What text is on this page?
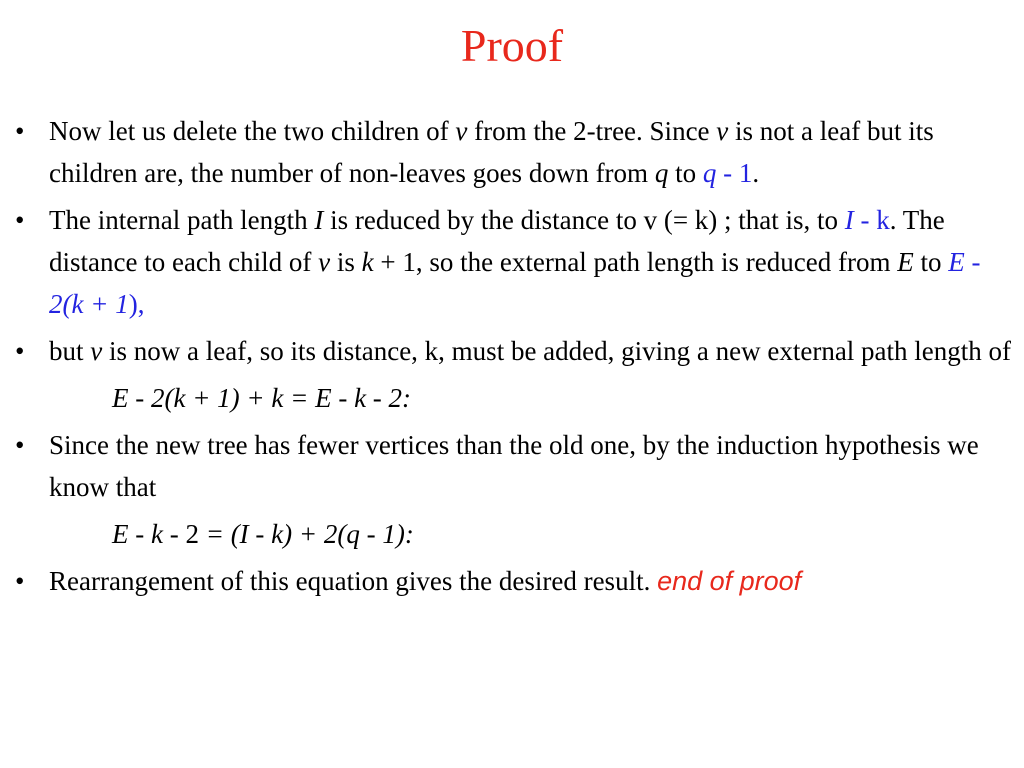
Proof
• Now let us delete the two children of v from the 2-tree. Since v is not a leaf but its children are, the number of non-leaves goes down from q to q - 1.
• The internal path length I is reduced by the distance to v (= k) ; that is, to I - k. The distance to each child of v is k + 1, so the external path length is reduced from E to E - 2(k + 1),
• but v is now a leaf, so its distance, k, must be added, giving a new external path length of
E - 2(k + 1) + k = E - k - 2:
• Since the new tree has fewer vertices than the old one, by the induction hypothesis we know that
E - k - 2 = (I - k) + 2(q - 1):
• Rearrangement of this equation gives the desired result. end of proof
